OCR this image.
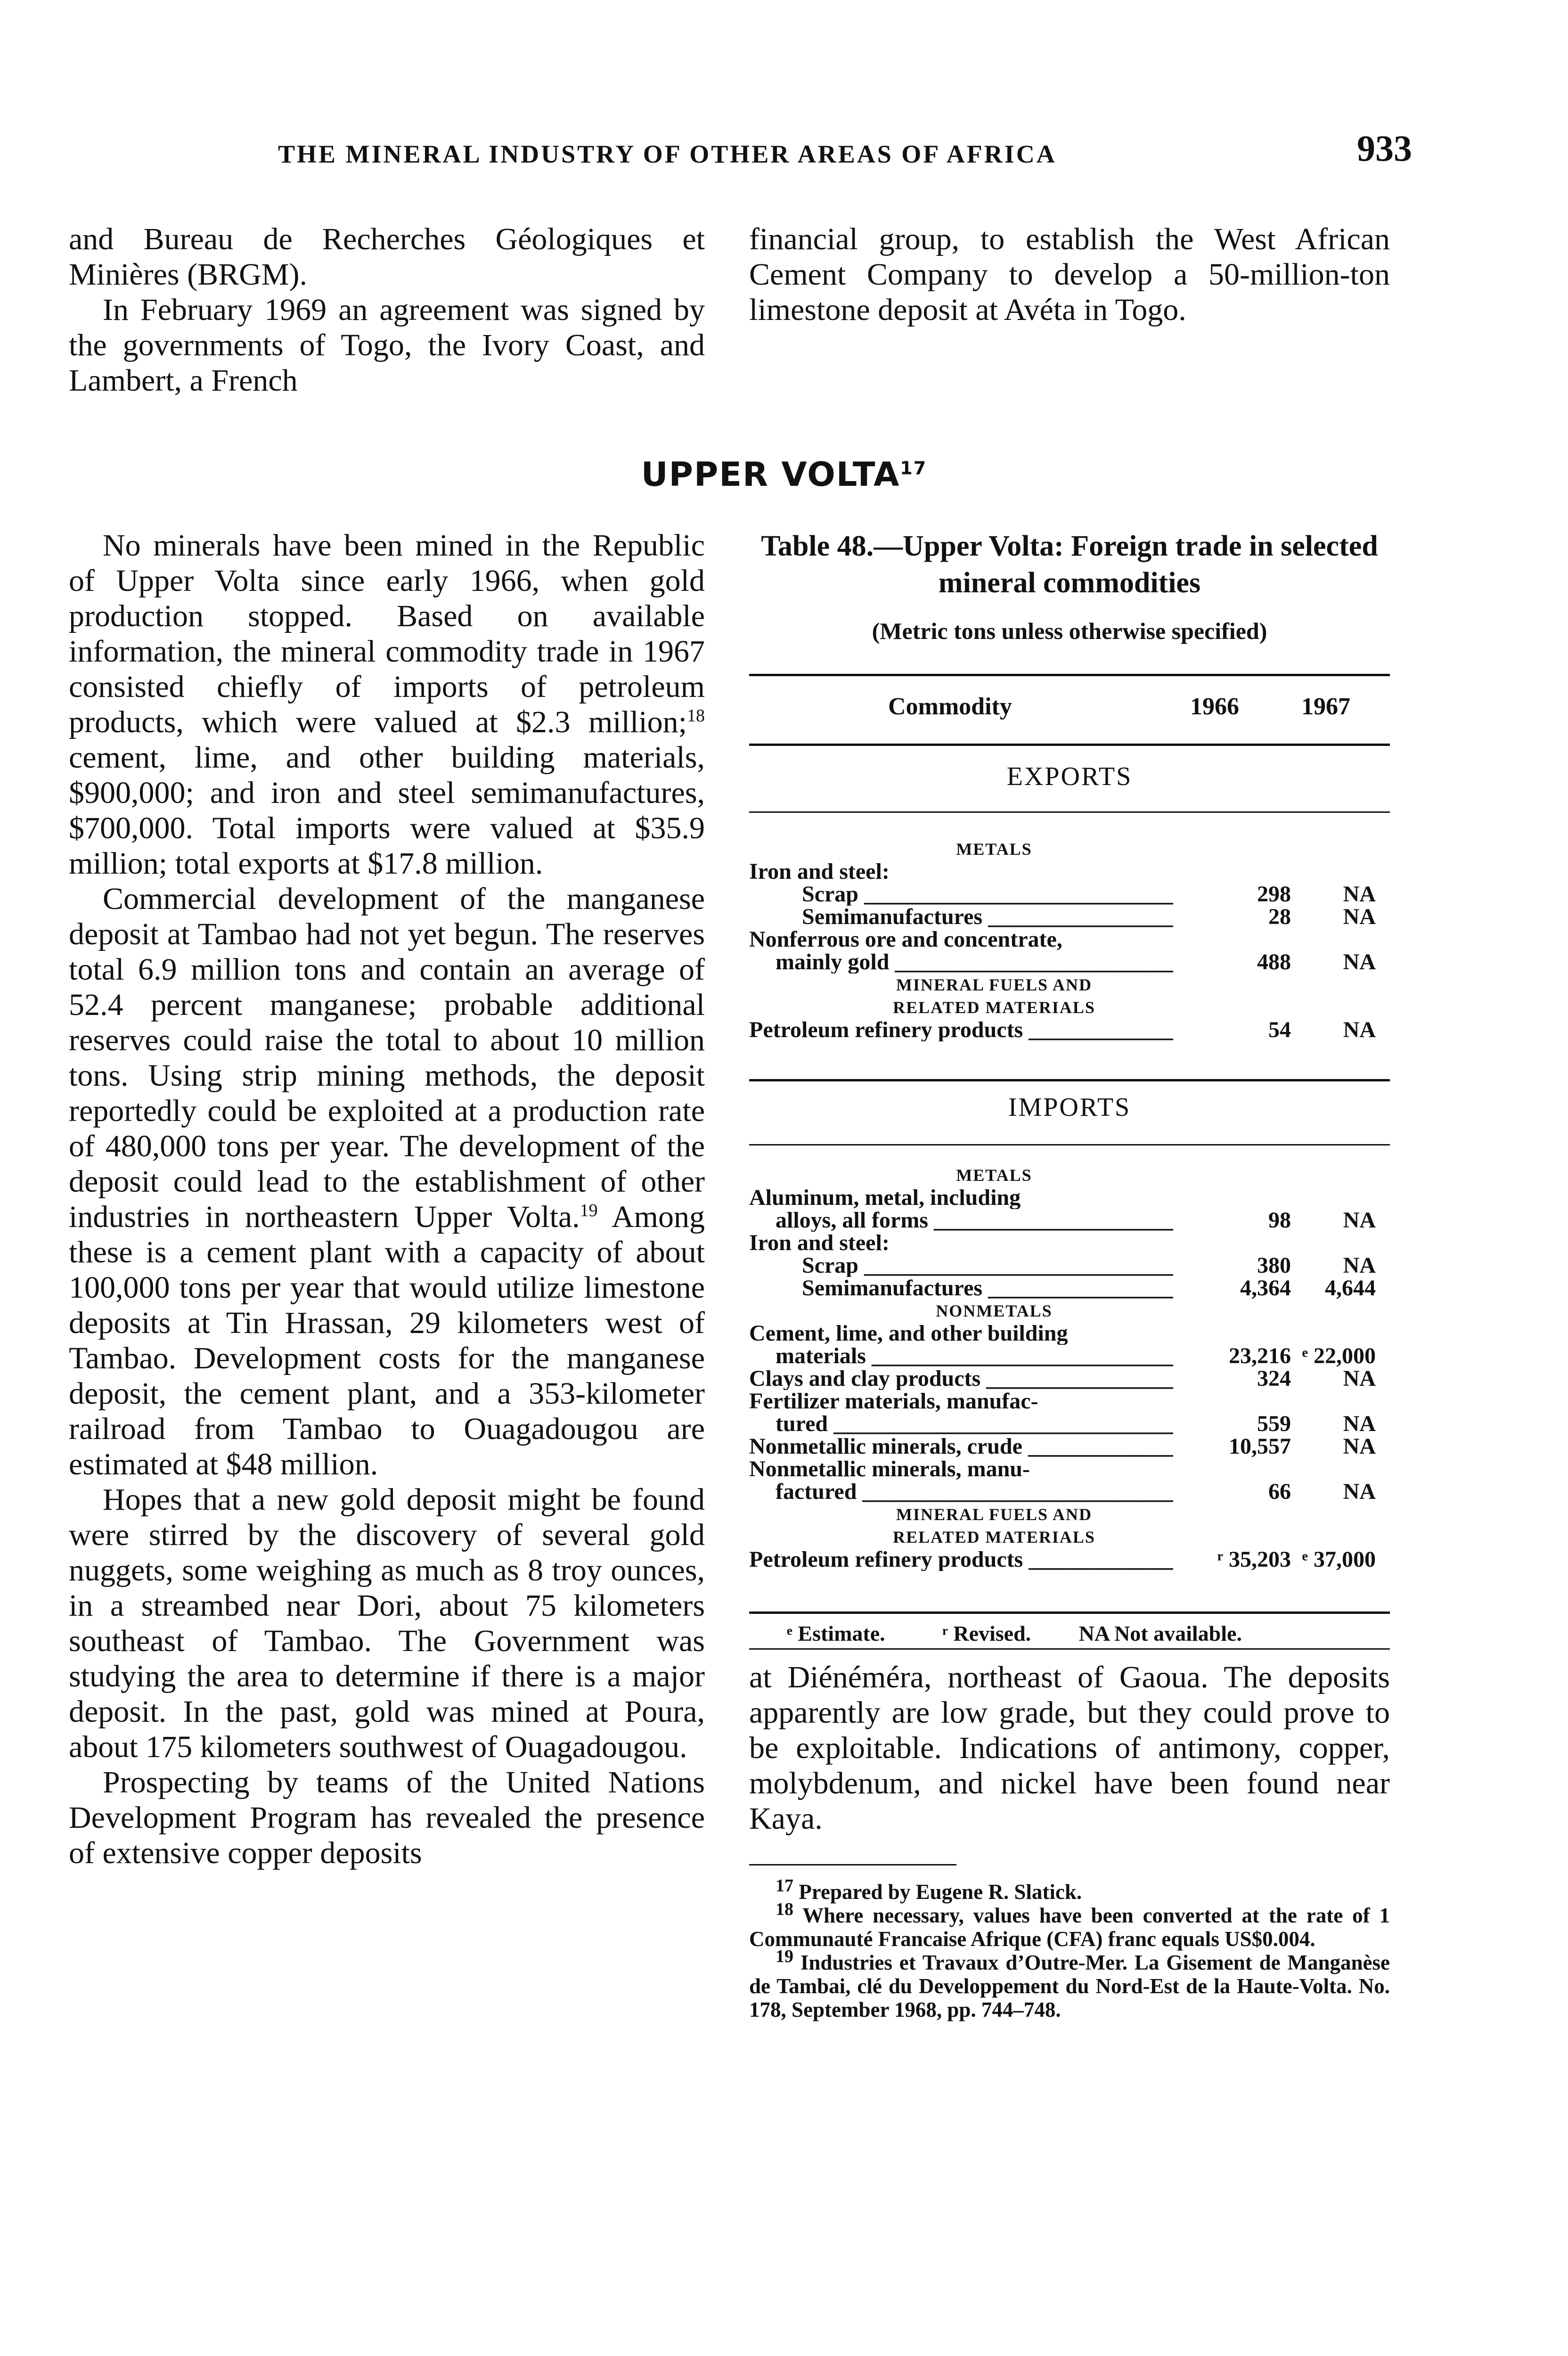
THE MINERAL INDUSTRY OF OTHER AREAS OF AFRICA	933

and Bureau de Recherches Géologiques et Minières (BRGM).

In February 1969 an agreement was signed by the governments of Togo, the Ivory Coast, and Lambert, a French

financial group, to establish the West African Cement Company to develop a 50-million-ton limestone deposit at Avéta in Togo.

UPPER VOLTA$^{17}$

No minerals have been mined in the Republic of Upper Volta since early 1966, when gold production stopped. Based on available information, the mineral commodity trade in 1967 consisted chiefly of imports of petroleum products, which were valued at $2.3 million;$^{18}$ cement, lime, and other building materials, $900,000; and iron and steel semimanufactures, $700,000. Total imports were valued at $35.9 million; total exports at $17.8 million.

Commercial development of the manganese deposit at Tambao had not yet begun. The reserves total 6.9 million tons and contain an average of 52.4 percent manganese; probable additional reserves could raise the total to about 10 million tons. Using strip mining methods, the deposit reportedly could be exploited at a production rate of 480,000 tons per year. The development of the deposit could lead to the establishment of other industries in northeastern Upper Volta.$^{19}$ Among these is a cement plant with a capacity of about 100,000 tons per year that would utilize limestone deposits at Tin Hrassan, 29 kilometers west of Tambao. Development costs for the manganese deposit, the cement plant, and a 353-kilometer railroad from Tambao to Ouagadougou are estimated at $48 million.

Hopes that a new gold deposit might be found were stirred by the discovery of several gold nuggets, some weighing as much as 8 troy ounces, in a streambed near Dori, about 75 kilometers southeast of Tambao. The Government was studying the area to determine if there is a major deposit. In the past, gold was mined at Poura, about 175 kilometers southwest of Ouagadougou.

Prospecting by teams of the United Nations Development Program has revealed the presence of extensive copper deposits

Table 48.—Upper Volta: Foreign trade in selected mineral commodities
(Metric tons unless otherwise specified)
Commodity	1966	1967
EXPORTS
METALS
Iron and steel:
Scrap _____	298	NA
Semimanufactures _____	28	NA
Nonferrous ore and concentrate,
mainly gold _____	488	NA
MINERAL FUELS AND
RELATED MATERIALS
Petroleum refinery products _____	54	NA
IMPORTS
METALS
Aluminum, metal, including
alloys, all forms _____	98	NA
Iron and steel:
Scrap _____	380	NA
Semimanufactures _____	4,364	4,644
NONMETALS
Cement, lime, and other building
materials _____	23,216 ᵉ 22,000
Clays and clay products _____	324	NA
Fertilizer materials, manufac-
tured _____	559	NA
Nonmetallic minerals, crude _____	10,557	NA
Nonmetallic minerals, manu-
factured _____	66	NA
MINERAL FUELS AND
RELATED MATERIALS
Petroleum refinery products _____	ʳ 35,203 ᵉ 37,000
ᵉ Estimate.	ʳ Revised. NA Not available.

at Diénéméra, northeast of Gaoua. The deposits apparently are low grade, but they could prove to be exploitable. Indications of antimony, copper, molybdenum, and nickel have been found near Kaya.

$^{17}$ Prepared by Eugene R. Slatick.

$^{18}$ Where necessary, values have been converted at the rate of 1 Communauté Francaise Afrique (CFA) franc equals US$0.004.

$^{19}$ Industries et Travaux d’Outre-Mer. La Gisement de Manganèse de Tambai, clé du Developpement du Nord-Est de la Haute-Volta. No. 178, September 1968, pp. 744–748.
